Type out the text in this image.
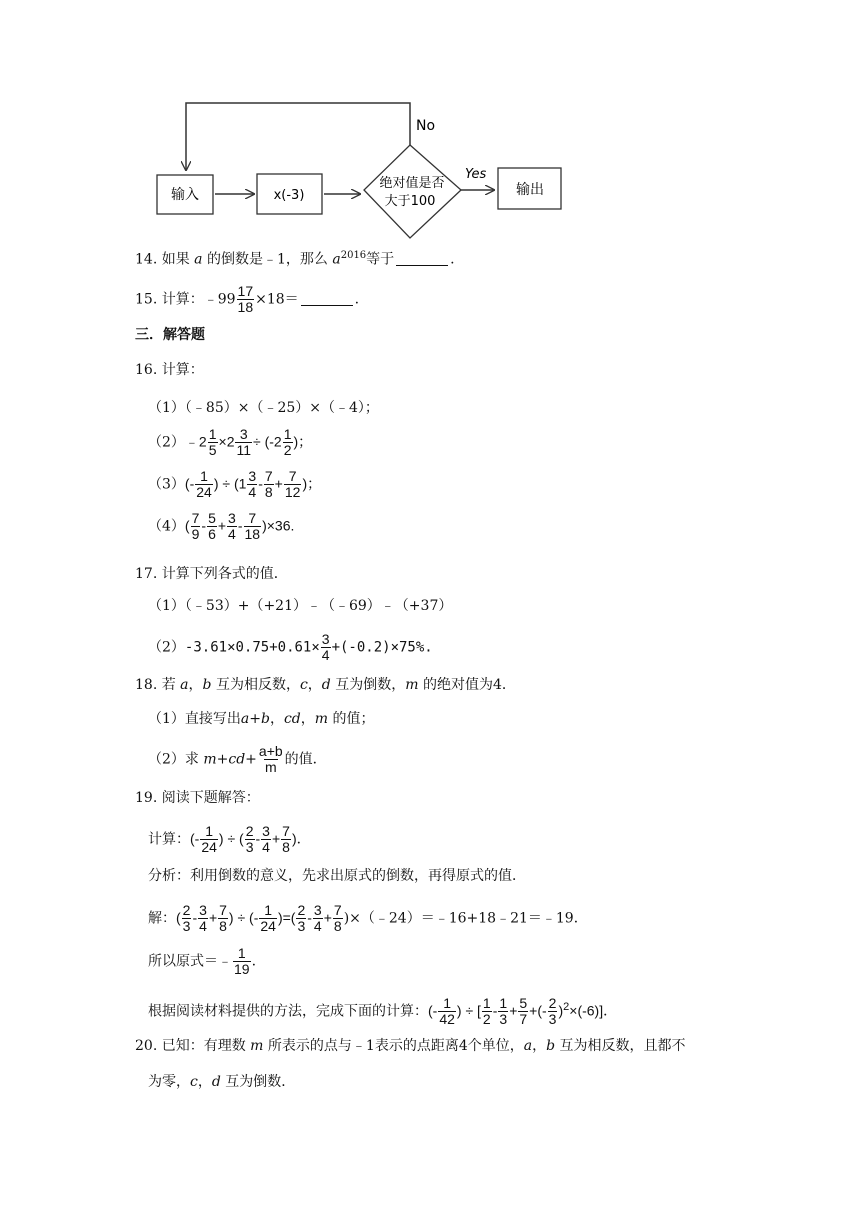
输入	x(-3)
绝对值是否
大于100
No
Yes
输出
14. 如果 a 的倒数是﹣1，那么 $a^{2016}$等于	.
15. 计算：﹣99 $\frac{17}{18} \times 18=$	.
三．解答题
16. 计算：
（1）（﹣85）×（﹣25）×（﹣4）；
（2）﹣2 $\frac{1}{5} \times 2 \frac{3}{11} \div (-2 \frac{1}{2}$ )；
$(3)(- \frac{1}{24}$ ) ÷ ($1 \frac{3}{4} - \frac{7}{8} + \frac{7}{12}$ )；
$(4)( \frac{7}{9} - \frac{5}{6} + \frac{3}{4} - \frac{7}{18} )\times 36$.
17. 计算下列各式的值．
（1）（﹣53）+（+21）﹣（﹣69）﹣（+37）
$(2)-3.61\times 0.75+0.61\times \frac{3}{4} +(-0.2)\times 75\%$.
18. 若 a，b 互为相反数，c，d 互为倒数，m 的绝对值为4．
（1）直接写出a+b，cd，m 的值；
（2）求 $m+cd+ \frac{a+b}{m}$ 的值．
19. 阅读下题解答：
计算：(- $\frac{1}{24}$ ) ÷ ( $\frac{2}{3} - \frac{3}{4} + \frac{7}{8}$ )．
分析：利用倒数的意义，先求出原式的倒数，再得原式的值．
解：( $\frac{2}{3} - \frac{3}{4} + \frac{7}{8}$ ) ÷ (- $\frac{1}{24}$ )=( $\frac{2}{3} - \frac{3}{4} + \frac{7}{8}$ )×（﹣24）＝﹣16+18﹣21＝﹣19．
所以原式＝﹣ $\frac{1}{19}$ .
根据阅读材料提供的方法，完成下面的计算：(- $\frac{1}{42}$ ) ÷ [ $\frac{1}{2} - \frac{1}{3} + \frac{5}{7}$ +(- $\frac{2}{3} )^2\times(-6)$]．
20. 已知：有理数 m 所表示的点与﹣1表示的点距离4个单位，a，b 互为相反数，且都不
为零，c，d 互为倒数．
